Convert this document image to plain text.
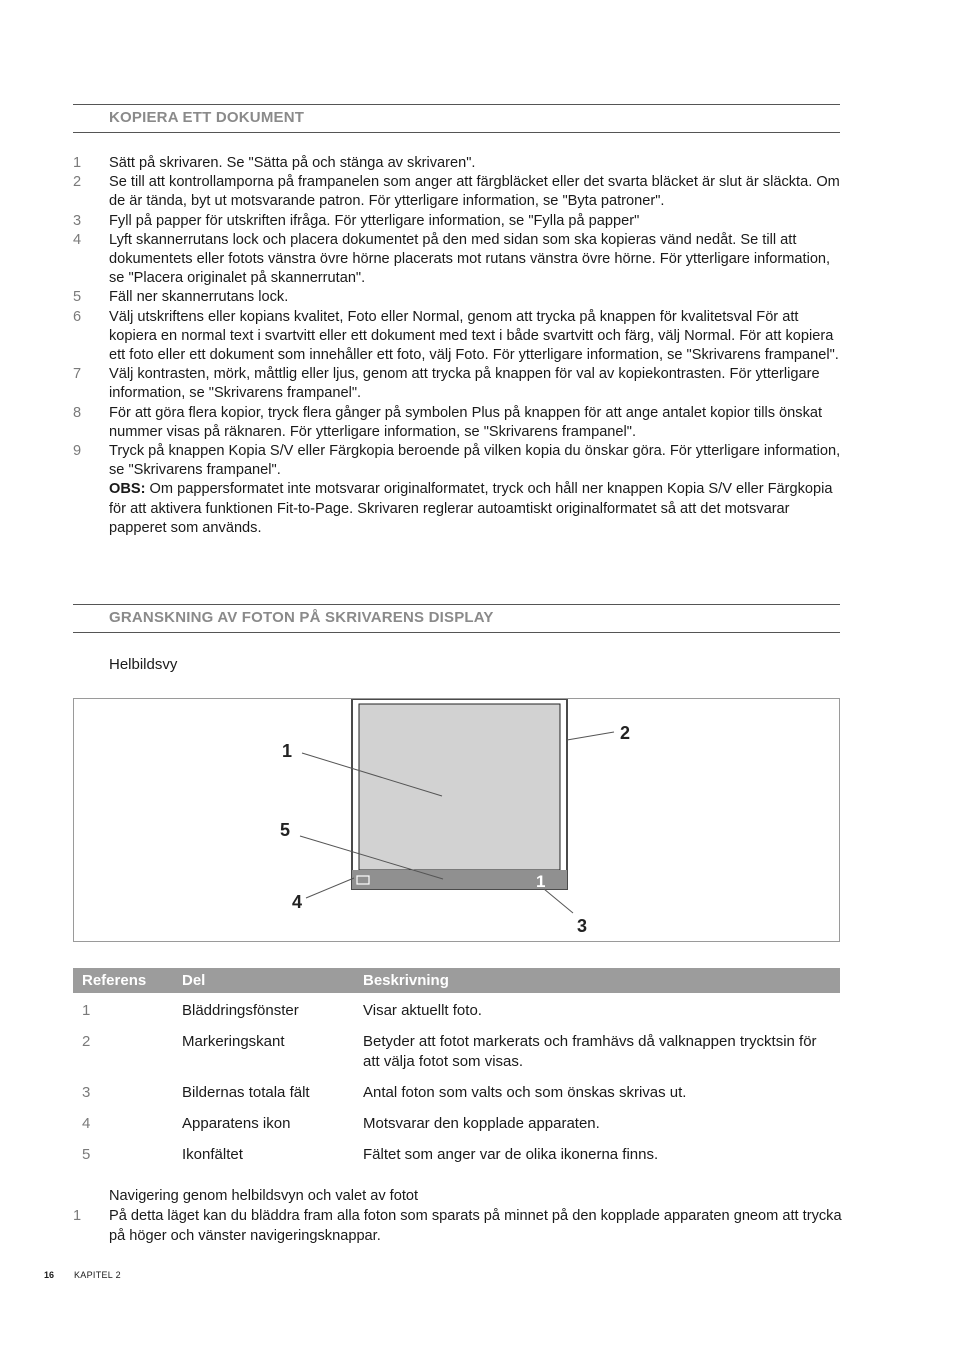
KOPIERA ETT DOKUMENT
1	Sätt på skrivaren. Se "Sätta på och stänga av skrivaren".
2	Se till att kontrollamporna på frampanelen som anger att färgbläcket eller det svarta bläcket är slut är släckta. Om de är tända, byt ut motsvarande patron. För ytterligare information, se "Byta patroner".
3	Fyll på papper för utskriften ifråga. För ytterligare information, se "Fylla på papper"
4	Lyft skannerrutans lock och placera dokumentet på den med sidan som ska kopieras vänd nedåt. Se till att dokumentets eller fotots vänstra övre hörne placerats mot rutans vänstra övre hörne. För ytterligare information, se "Placera originalet på skannerrutan".
5	Fäll ner skannerrutans lock.
6	Välj utskriftens eller kopians kvalitet, Foto eller Normal, genom att trycka på knappen för kvalitetsval För att kopiera en normal text i svartvitt eller ett dokument med text i både svartvitt och färg, välj Normal. För att kopiera ett foto eller ett dokument som innehåller ett foto, välj Foto. För ytterligare information, se "Skrivarens frampanel".
7	Välj kontrasten, mörk, måttlig eller ljus, genom att trycka på knappen för val av kopiekontrasten. För ytterligare information, se "Skrivarens frampanel".
8	För att göra flera kopior, tryck flera gånger på symbolen Plus på knappen för att ange antalet kopior tills önskat nummer visas på räknaren. För ytterligare information, se "Skrivarens frampanel".
9	Tryck på knappen Kopia S/V eller Färgkopia beroende på vilken kopia du önskar göra. För ytterligare information, se "Skrivarens frampanel".
OBS: Om pappersformatet inte motsvarar originalformatet, tryck och håll ner knappen Kopia S/V eller Färgkopia för att aktivera funktionen Fit-to-Page. Skrivaren reglerar autoamtiskt originalformatet så att det motsvarar papperet som används.
GRANSKNING AV FOTON PÅ SKRIVARENS DISPLAY
Helbildsvy
1
2
5
4
3
1
Referens	Del	Beskrivning
1	Bläddringsfönster	Visar aktuellt foto.
2	Markeringskant	Betyder att fotot markerats och framhävs då valknappen trycktsin för att välja fotot som visas.
3	Bildernas totala fält	Antal foton som valts och som önskas skrivas ut.
4	Apparatens ikon	Motsvarar den kopplade apparaten.
5	Ikonfältet	Fältet som anger var de olika ikonerna finns.
Navigering genom helbildsvyn och valet av fotot
1	På detta läget kan du bläddra fram alla foton som sparats på minnet på den kopplade apparaten gneom att trycka på höger och vänster navigeringsknappar.
16 KAPITEL 2
